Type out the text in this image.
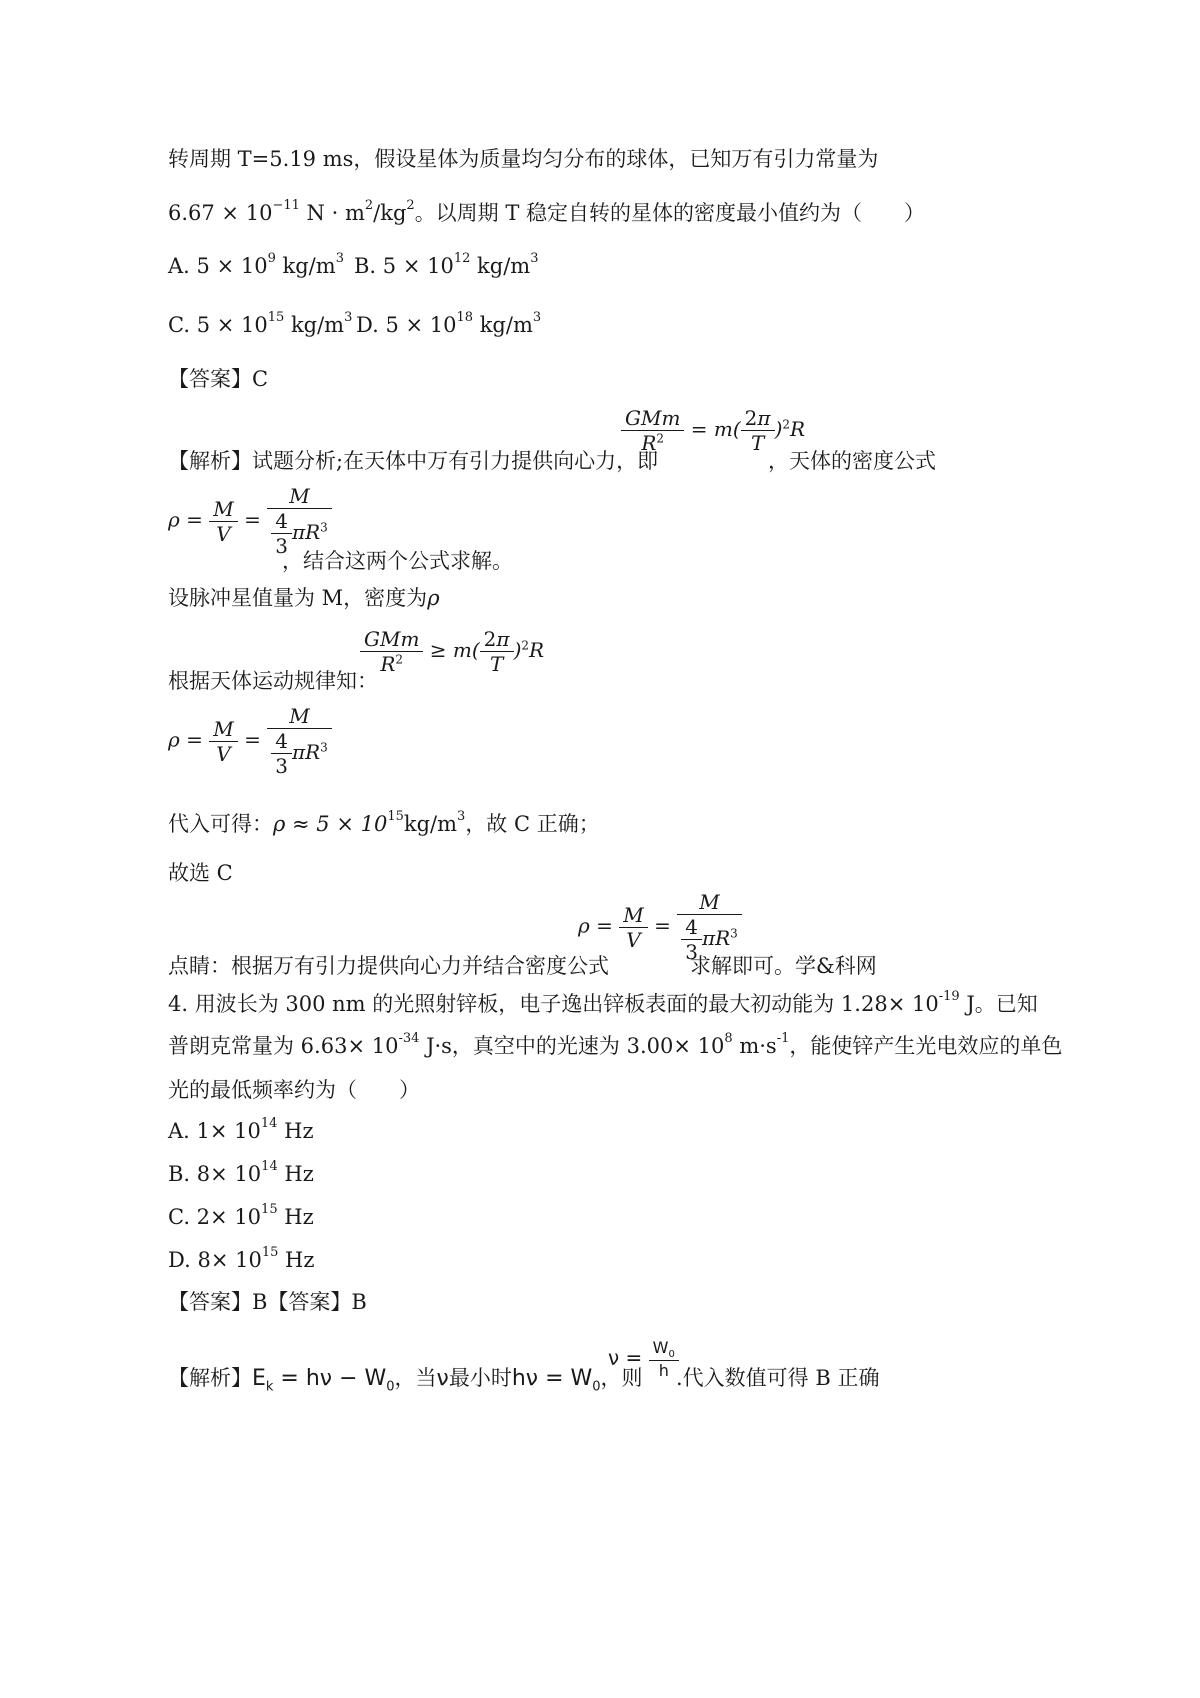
转周期 T=5.19 ms，假设星体为质量均匀分布的球体，已知万有引力常量为
$6.67 \times 10^{-11}$ $N \cdot m^2/kg^2$。以周期 T 稳定自转的星体的密度最小值约为（　　）
A. $5 \times 10^9$ $kg/m^3$ B. $5 \times 10^{12}$ $kg/m^3$
C. $5 \times 10^{15}$ $kg/m^3$ D. $5 \times 10^{18}$ $kg/m^3$
【答案】C
【解析】试题分析;在天体中万有引力提供向心力，即
$\frac{\text{GMm}}{R^2} = m( \frac{2\pi}{T} )^2R$
，天体的密度公式
$\rho = \frac{M}{V} = \frac{M}{\frac{4}{3} \pi R^3}$
，结合这两个公式求解。
设脉冲星值量为 M，密度为ρ
$\frac{\text{GMm}}{R^2} \ge m( \frac{2\pi}{T} )^2R$
根据天体运动规律知：
$\rho = \frac{M}{V} = \frac{M}{\frac{4}{3} \pi R^3}$
代入可得：$\rho \approx 5 \times 10^{15}kg/m^3$，故 C 正确；
故选 C
$\rho = \frac{M}{V} = \frac{M}{\frac{4}{3} \pi R^3}$
点睛：根据万有引力提供向心力并结合密度公式	求解即可。学&科网
4. 用波长为 300 nm 的光照射锌板，电子逸出锌板表面的最大初动能为 $1.28\times 10^{-19}$ J。已知
普朗克常量为 $6.63\times 10^{-34}$ J·s，真空中的光速为 $3.00\times 10^8$ $m\cdot s^{-1}$，能使锌产生光电效应的单色
光的最低频率约为（　　）
A. $1\times 10^{14}$ Hz
B. $8\times 10^{14}$ Hz
C. $2\times 10^{15}$ Hz
D. $8\times 10^{15}$ Hz
【答案】B【答案】B
【解析】$E_k = h\nu - W_0$，当ν最小时$h\nu = W_0$，则
$\nu = \frac{W_0}{h}$
.代入数值可得 B 正确
